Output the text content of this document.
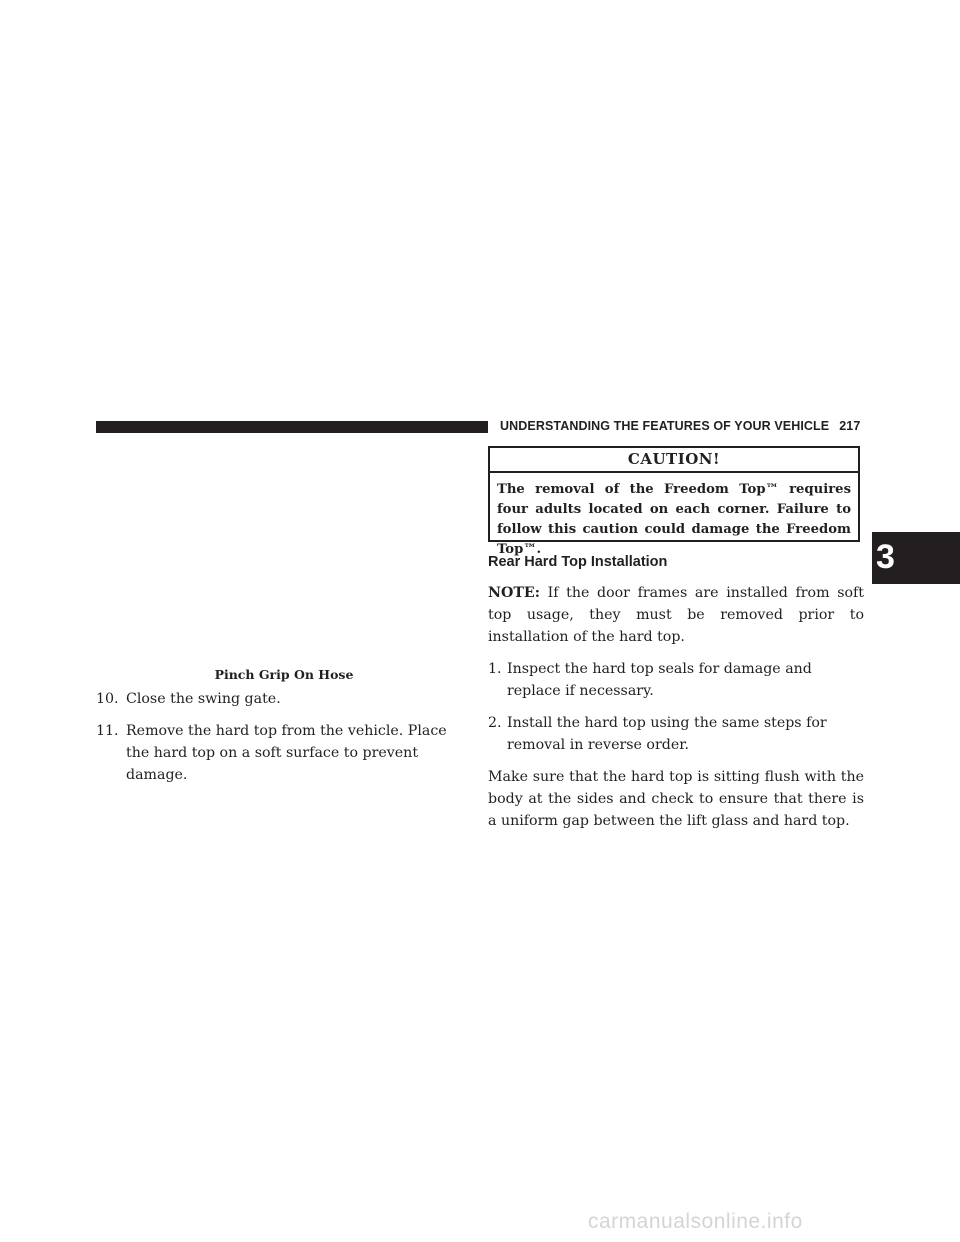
UNDERSTANDING THE FEATURES OF YOUR VEHICLE 217
3
Pinch Grip On Hose
10. Close the swing gate.
11. Remove the hard top from the vehicle. Place the hard top on a soft surface to prevent damage.
CAUTION!
The removal of the Freedom Top™ requires four adults located on each corner. Failure to follow this caution could damage the Freedom Top™.
Rear Hard Top Installation

NOTE: If the door frames are installed from soft top usage, they must be removed prior to installation of the hard top.

1. Inspect the hard top seals for damage and replace if necessary.
2. Install the hard top using the same steps for removal in reverse order.

Make sure that the hard top is sitting flush with the body at the sides and check to ensure that there is a uniform gap between the lift glass and hard top.

carmanualsonline.info
